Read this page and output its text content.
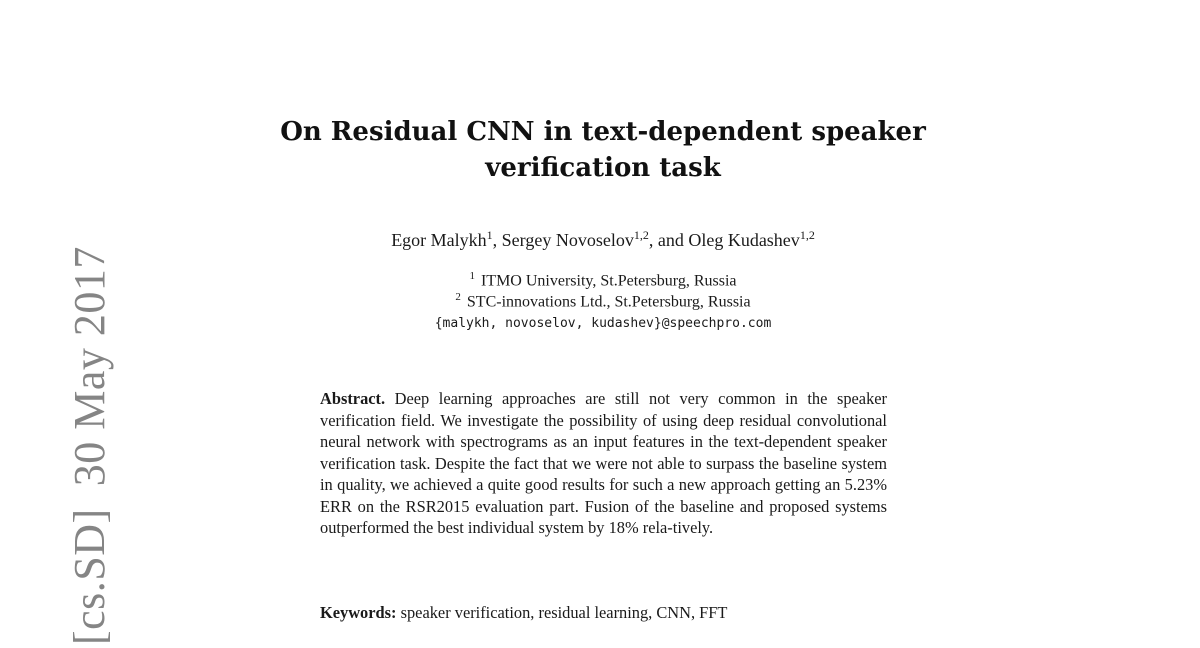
[cs.SD]30 May 2017
On Residual CNN in text-dependent speaker
verification task
Egor Malykh$^1$, Sergey Novoselov$^{1,2}$, and Oleg Kudashev$^{1,2}$
$^1$ ITMO University, St.Petersburg, Russia
$^2$ STC-innovations Ltd., St.Petersburg, Russia
{malykh, novoselov, kudashev}@speechpro.com
Abstract. Deep learning approaches are still not very common in the speaker verification field. We investigate the possibility of using deep residual convolutional neural network with spectrograms as an input features in the text-dependent speaker verification task. Despite the fact that we were not able to surpass the baseline system in quality, we achieved a quite good results for such a new approach getting an 5.23% ERR on the RSR2015 evaluation part. Fusion of the baseline and proposed systems outperformed the best individual system by 18% rela-tively.
Keywords: speaker verification, residual learning, CNN, FFT
